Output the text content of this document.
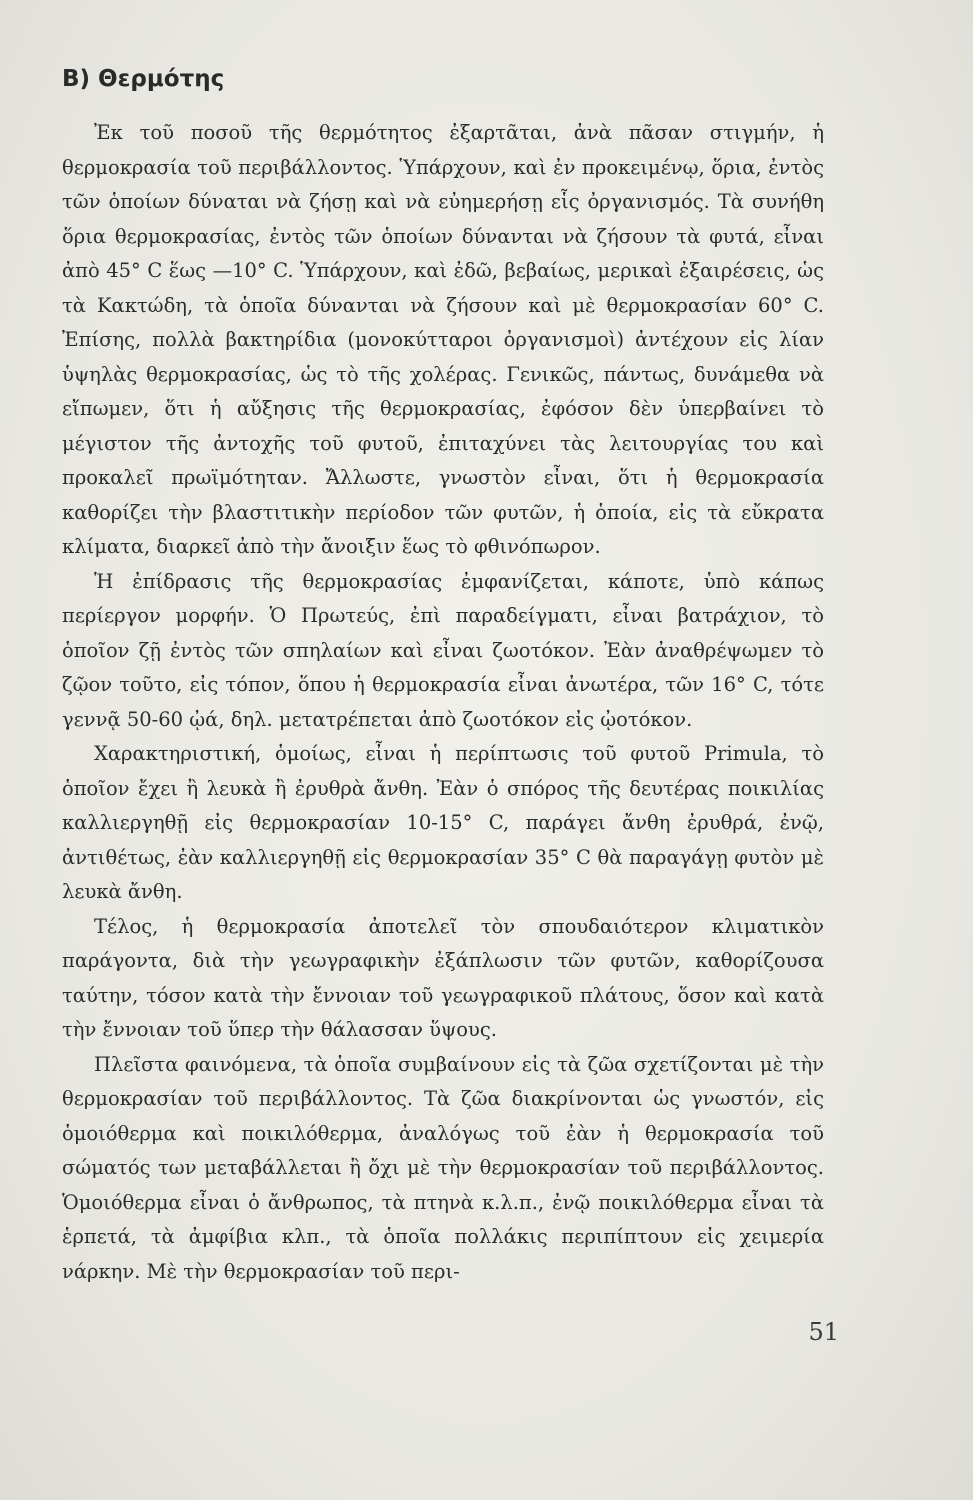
B) Θερμότης

Ἐκ τοῦ ποσοῦ τῆς θερμότητος ἐξαρτᾶται, ἀνὰ πᾶσαν στιγμήν, ἡ θερμοκρασία τοῦ περιβάλλοντος. Ὑπάρχουν, καὶ ἐν προκειμένῳ, ὅρια, ἐντὸς τῶν ὁποίων δύναται νὰ ζήσῃ καὶ νὰ εὐημερήσῃ εἷς ὀργανισμός. Τὰ συνήθη ὅρια θερμοκρασίας, ἐντὸς τῶν ὁποίων δύνανται νὰ ζήσουν τὰ φυτά, εἶναι ἀπὸ 45° C ἕως —10° C. Ὑπάρχουν, καὶ ἐδῶ, βεβαίως, μερικαὶ ἐξαιρέσεις, ὡς τὰ Κακτώδη, τὰ ὁποῖα δύνανται νὰ ζήσουν καὶ μὲ θερμοκρασίαν 60° C. Ἐπίσης, πολλὰ βακτηρίδια (μονοκύτταροι ὀργανισμοὶ) ἀντέχουν εἰς λίαν ὑψηλὰς θερμοκρασίας, ὡς τὸ τῆς χολέρας. Γενικῶς, πάντως, δυνάμεθα νὰ εἴπωμεν, ὅτι ἡ αὔξησις τῆς θερμοκρασίας, ἐφόσον δὲν ὑπερβαίνει τὸ μέγιστον τῆς ἀντοχῆς τοῦ φυτοῦ, ἐπιταχύνει τὰς λειτουργίας του καὶ προκαλεῖ πρωϊμότηταν. Ἄλλωστε, γνωστὸν εἶναι, ὅτι ἡ θερμοκρασία καθορίζει τὴν βλαστιτικὴν περίοδον τῶν φυτῶν, ἡ ὁποία, εἰς τὰ εὔκρατα κλίματα, διαρκεῖ ἀπὸ τὴν ἄνοιξιν ἕως τὸ φθινόπωρον.

Ἡ ἐπίδρασις τῆς θερμοκρασίας ἐμφανίζεται, κάποτε, ὑπὸ κάπως περίεργον μορφήν. Ὁ Πρωτεύς, ἐπὶ παραδείγματι, εἶναι βατράχιον, τὸ ὁποῖον ζῇ ἐντὸς τῶν σπηλαίων καὶ εἶναι ζωοτόκον. Ἐὰν ἀναθρέψωμεν τὸ ζῷον τοῦτο, εἰς τόπον, ὅπου ἡ θερμοκρασία εἶναι ἀνωτέρα, τῶν 16° C, τότε γεννᾷ 50-60 ᾠά, δηλ. μετατρέπεται ἀπὸ ζωοτόκον εἰς ᾠοτόκον.

Χαρακτηριστική, ὁμοίως, εἶναι ἡ περίπτωσις τοῦ φυτοῦ Primula, τὸ ὁποῖον ἔχει ἢ λευκὰ ἢ ἐρυθρὰ ἄνθη. Ἐὰν ὁ σπόρος τῆς δευτέρας ποικιλίας καλλιεργηθῇ εἰς θερμοκρασίαν 10-15° C, παράγει ἄνθη ἐρυθρά, ἐνῷ, ἀντιθέτως, ἐὰν καλλιεργηθῇ εἰς θερμοκρασίαν 35° C θὰ παραγάγῃ φυτὸν μὲ λευκὰ ἄνθη.

Τέλος, ἡ θερμοκρασία ἀποτελεῖ τὸν σπουδαιότερον κλιματικὸν παράγοντα, διὰ τὴν γεωγραφικὴν ἐξάπλωσιν τῶν φυτῶν, καθορίζουσα ταύτην, τόσον κατὰ τὴν ἔννοιαν τοῦ γεωγραφικοῦ πλάτους, ὅσον καὶ κατὰ τὴν ἔννοιαν τοῦ ὕπερ τὴν θάλασσαν ὕψους.

Πλεῖστα φαινόμενα, τὰ ὁποῖα συμβαίνουν εἰς τὰ ζῶα σχετίζονται μὲ τὴν θερμοκρασίαν τοῦ περιβάλλοντος. Τὰ ζῶα διακρίνονται ὡς γνωστόν, εἰς ὁμοιόθερμα καὶ ποικιλόθερμα, ἀναλόγως τοῦ ἐὰν ἡ θερμοκρασία τοῦ σώματός των μεταβάλλεται ἢ ὄχι μὲ τὴν θερμοκρασίαν τοῦ περιβάλλοντος. Ὁμοιόθερμα εἶναι ὁ ἄνθρωπος, τὰ πτηνὰ κ.λ.π., ἐνῷ ποικιλόθερμα εἶναι τὰ ἑρπετά, τὰ ἀμφίβια κλπ., τὰ ὁποῖα πολλάκις περιπίπτουν εἰς χειμερία νάρκην. Μὲ τὴν θερμοκρασίαν τοῦ περι-

51
